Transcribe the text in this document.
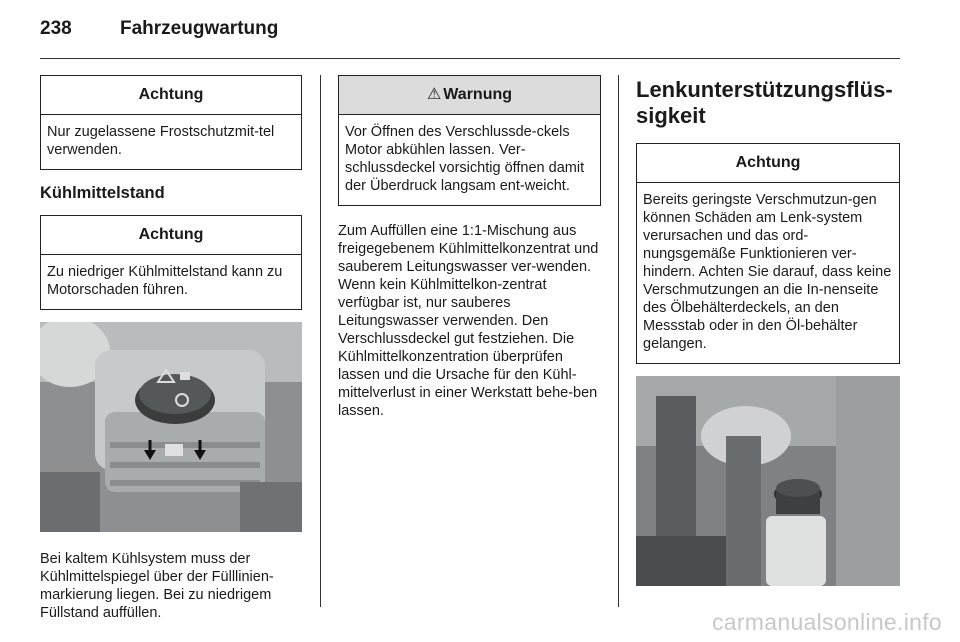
238	Fahrzeugwartung
Achtung
Nur zugelassene Frostschutzmit-tel verwenden.
Kühlmittelstand
Achtung
Zu niedriger Kühlmittelstand kann zu Motorschaden führen.
Bei kaltem Kühlsystem muss der Kühlmittelspiegel über der Fülllinien-markierung liegen. Bei zu niedrigem Füllstand auffüllen.
⚠ Warnung
Vor Öffnen des Verschlussde-ckels Motor abkühlen lassen. Ver-schlussdeckel vorsichtig öffnen damit der Überdruck langsam ent-weicht.
Zum Auffüllen eine 1:1-Mischung aus freigegebenem Kühlmittelkonzentrat und sauberem Leitungswasser ver-wenden. Wenn kein Kühlmittelkon-zentrat verfügbar ist, nur sauberes Leitungswasser verwenden. Den Verschlussdeckel gut festziehen. Die Kühlmittelkonzentration überprüfen lassen und die Ursache für den Kühl-mittelverlust in einer Werkstatt behe-ben lassen.
Lenkunterstützungsflüs-sigkeit
Achtung
Bereits geringste Verschmutzun-gen können Schäden am Lenk-system verursachen und das ord-nungsgemäße Funktionieren ver-hindern. Achten Sie darauf, dass keine Verschmutzungen an die In-nenseite des Ölbehälterdeckels, an den Messstab oder in den Öl-behälter gelangen.
carmanualsonline.info
